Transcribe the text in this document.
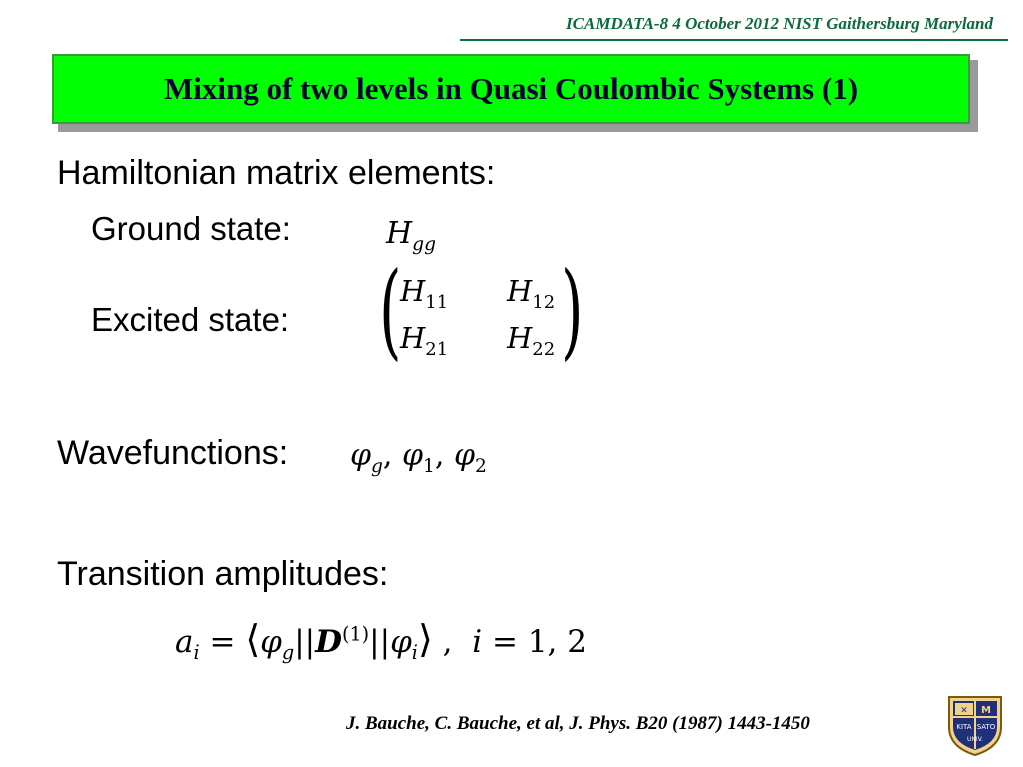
ICAMDATA-8 4 October 2012 NIST Gaithersburg Maryland
Mixing of two levels in Quasi Coulombic Systems (1)
Hamiltonian matrix elements:
Ground state:	$H_{gg}$
Excited state: ( )
$H_{11}$ $H_{12}$
$H_{21}$ $H_{22}$
Wavefunctions: $\varphi_g$, $\varphi_1$, $\varphi_2$
Transition amplitudes:
$a_i$ = $⟨\varphi_g||D^{(1)}||\varphi_i⟩$ , i = 1, 2
J. Bauche, C. Bauche, et al, J. Phys. B20 (1987) 1443-1450
✕ M
KITA SATO
UNIV.
